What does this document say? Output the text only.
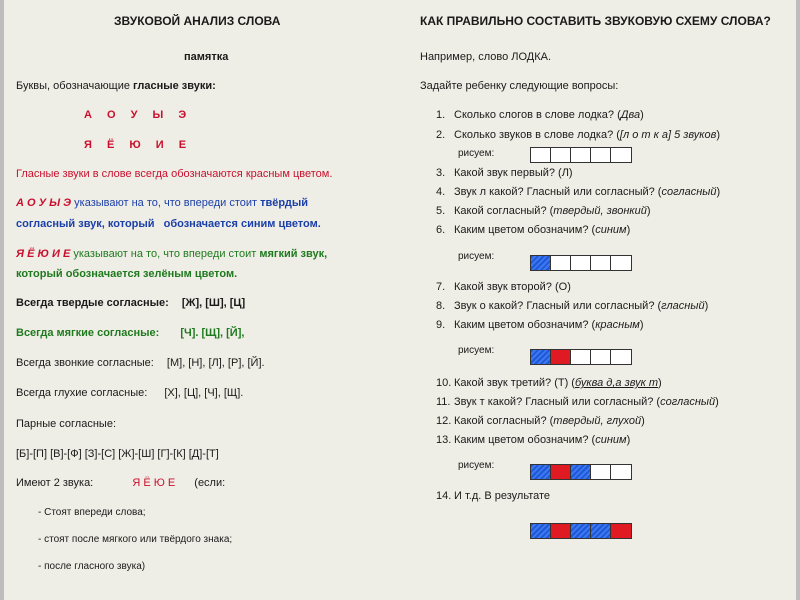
ЗВУКОВОЙ АНАЛИЗ СЛОВА
памятка
Буквы, обозначающие гласные звуки:
А О У Ы Э
Я Ё Ю И Е
Гласные звуки в слове всегда обозначаются красным цветом.
А О У Ы Э указывают на то, что впереди стоит твёрдый
согласный звук, который обозначается синим цветом.
Я Ё Ю И Е указывают на то, что впереди стоит мягкий звук,
который обозначается зелёным цветом.
Всегда твердые согласные: [Ж], [Ш], [Ц]
Всегда мягкие согласные: [Ч]. [Щ], [Й],
Всегда звонкие согласные: [М], [Н], [Л], [Р], [Й].
Всегда глухие согласные: [Х], [Ц], [Ч], [Щ].
Парные согласные:
[Б]-[П] [В]-[Ф] [З]-[С] [Ж]-[Ш] [Г]-[К] [Д]-[Т]
Имеют 2 звука:	Я Ё Ю Е (если:
- Стоят впереди слова;
- стоят после мягкого или твёрдого знака;
- после гласного звука)
КАК ПРАВИЛЬНО СОСТАВИТЬ ЗВУКОВУЮ СХЕМУ СЛОВА?
Например, слово ЛОДКА.
Задайте ребенку следующие вопросы:
1. Сколько слогов в слове лодка? (Два)
2. Сколько звуков в слове лодка? ([л о т к а] 5 звуков)
3. Какой звук первый? (Л)
4. Звук л какой? Гласный или согласный? (согласный)
5. Какой согласный? (твердый, звонкий)
6. Каким цветом обозначим? (синим)
7. Какой звук второй? (О)
8. Звук о какой? Гласный или согласный? (гласный)
9. Каким цветом обозначим? (красным)
10. Какой звук третий? (Т) (буква д,а звук т)
11. Звук т какой? Гласный или согласный? (согласный)
12. Какой согласный? (твердый, глухой)
13. Каким цветом обозначим? (синим)
14. И т.д. В результате
рисуем:
рисуем:
рисуем:
рисуем:
